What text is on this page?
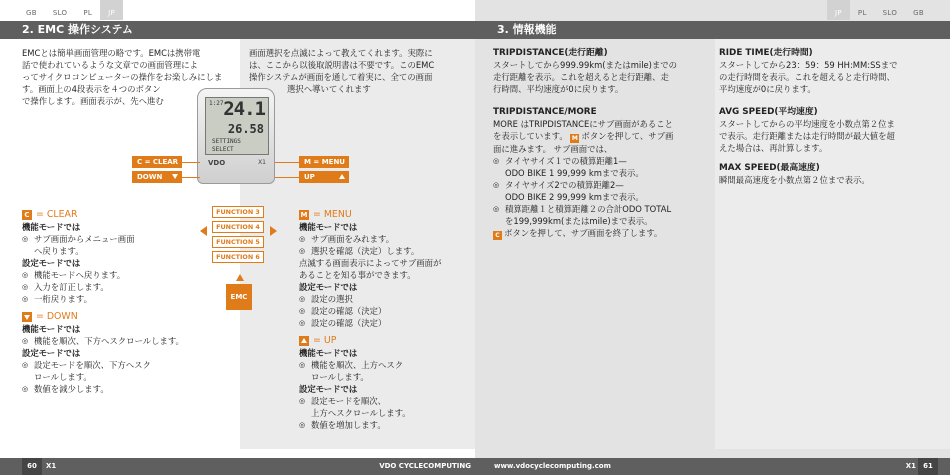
GB	SLO	PL	JP	JP	PL	SLO	GB
2. EMC 操作システム	3. 情報機能

EMCとは簡単画面管理の略です。EMCは携帯電

話で使われているような文章での画面管理によ

ってサイクロコンピューターの操作をお楽しみにしま

す。画面上の4段表示を４つのボタン

で操作します。画面表示が、先へ進む

画面選択を点滅によって教えてくれます。実際に

は、ここから以後取説明書は不要です。このEMC

操作システムが画面を通して着実に、全ての画面

選択へ導いてくれます

1:27 24.1
26.58
SETTINGS
SELECT
VDO	X1
C = CLEAR
DOWN
M = MENU
UP
FUNCTION 3
FUNCTION 4
FUNCTION 5
FUNCTION 6
EMC
C = CLEAR

機能モードでは

◎ サブ画面からメニュー画面

へ戻ります。

設定モードでは

◎ 機能モードへ戻ります。
◎ 入力を訂正します。
◎ 一桁戻ります。
= DOWN

機能モードでは

◎ 機能を順次、下方へスクロールします。

設定モードでは

◎ 設定モードを順次、下方へスク

ロールします。

◎ 数値を減少します。
M = MENU

機能モードでは

◎ サブ画面をみれます。
◎ 選択を確認（決定）します。

点滅する画面表示によってサブ画面が

あることを知る事ができます。

設定モードでは

◎ 設定の選択
◎ 設定の確認（決定）
◎ 設定の確認（決定）
= UP

機能モードでは

◎ 機能を順次、上方へスク

ロールします。

設定モードでは

◎ 設定モードを順次、

上方へスクロールします。

◎ 数値を増加します。

TRIPDISTANCE(走行距離)

スタートしてから999.99km(またはmile)までの

走行距離を表示。これを超えると走行距離、走

行時間、平均速度が0に戻ります。

TRIPDISTANCE/MORE

MORE はTRIPDISTANCEにサブ画面があること

を表示しています。 M ボタンを押して、サブ画

面に進みます。 サブ画面では、

◎ タイヤサイズ１での積算距離1—

ODO BIKE 1 99,999 kmまで表示。

◎ タイヤサイズ2での積算距離2—

ODO BIKE 2 99,999 kmまで表示。

◎ 積算距離１と積算距離２の合計ODO TOTAL

を199,999km(またはmile)まで表示。

C ボタンを押して、サブ画面を終了します。

RIDE TIME(走行時間)

スタートしてから23：59：59 HH:MM:SSまで

の走行時間を表示。これを超えると走行時間、

平均速度が0に戻ります。

AVG SPEED(平均速度)

スタートしてからの平均速度を小数点第２位ま

で表示。走行距離または走行時間が最大値を超

えた場合は、再計算します。

MAX SPEED(最高速度)

瞬間最高速度を小数点第２位まで表示。

60	X1	VDO CYCLECOMPUTING	www.vdocyclecomputing.com	X1	61
